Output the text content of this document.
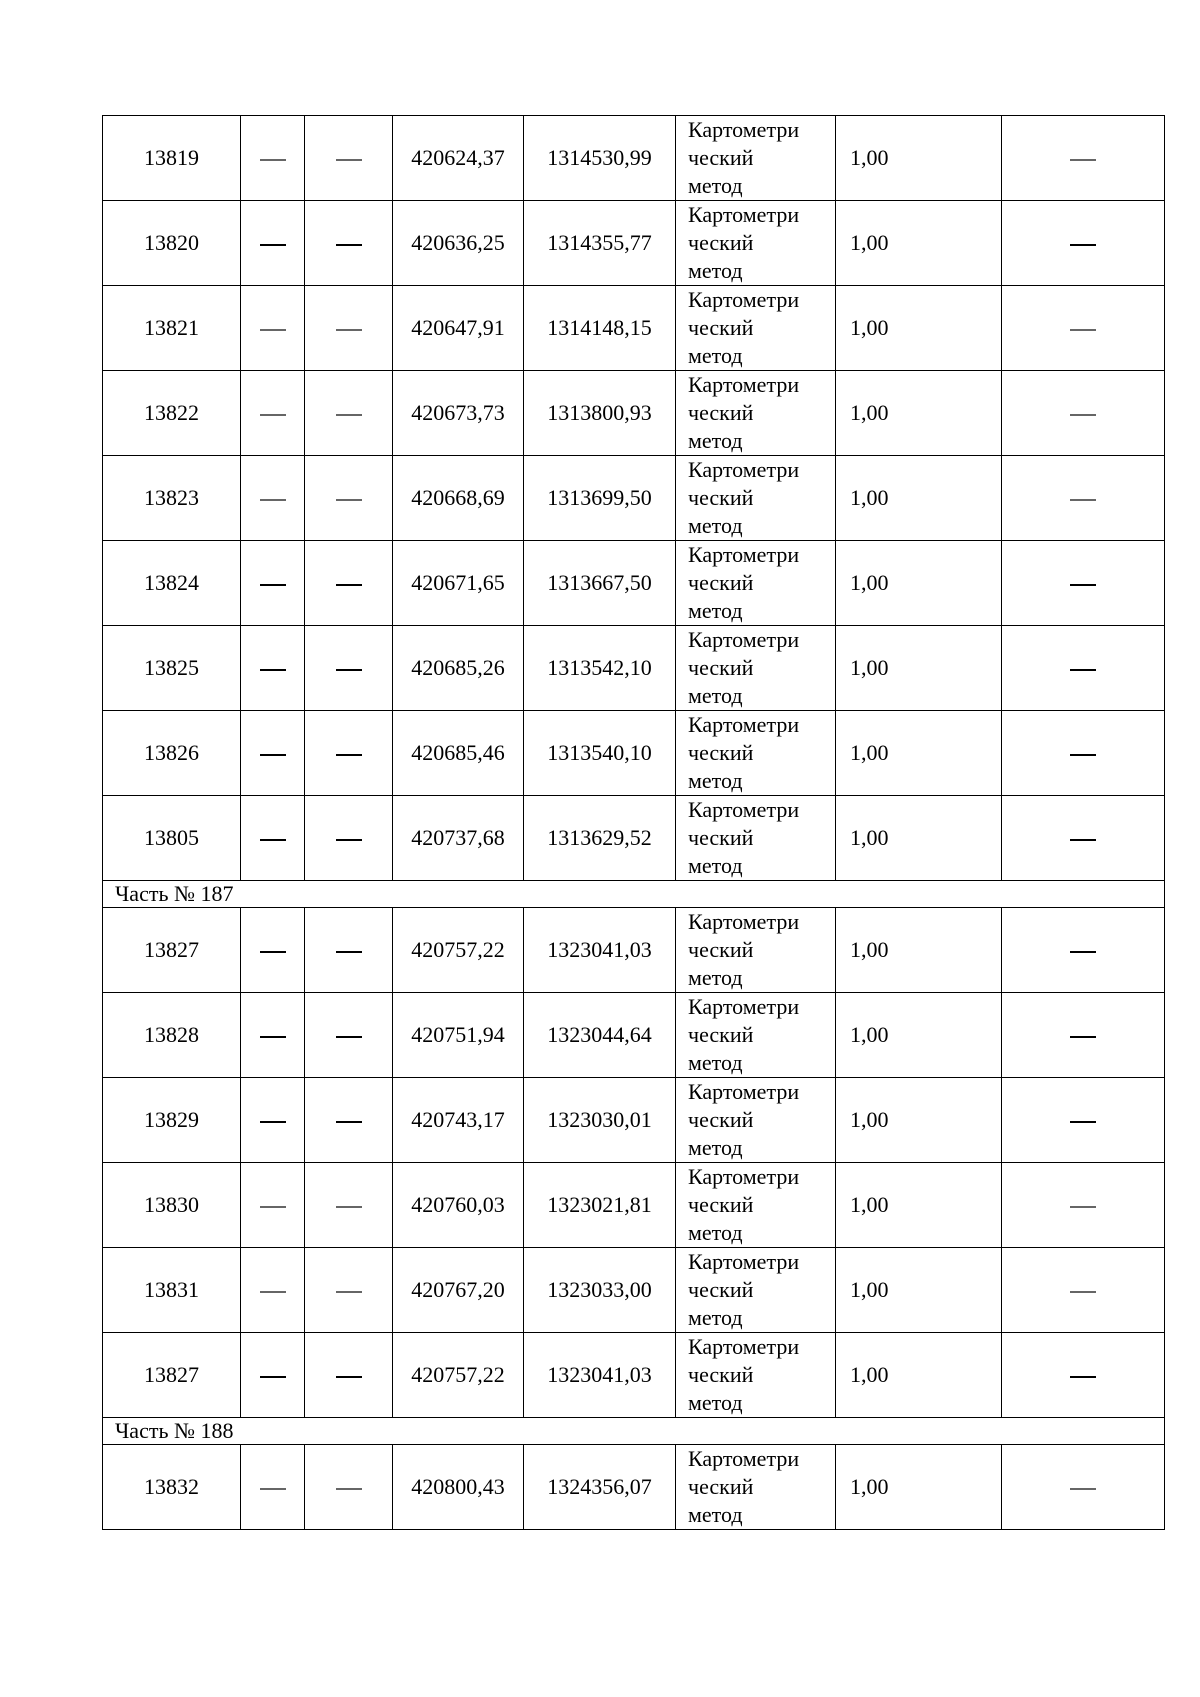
13819			420624,37	1314530,99	Картометри
ческий
метод	1,00	
13820			420636,25	1314355,77	Картометри
ческий
метод	1,00	
13821			420647,91	1314148,15	Картометри
ческий
метод	1,00	
13822			420673,73	1313800,93	Картометри
ческий
метод	1,00	
13823			420668,69	1313699,50	Картометри
ческий
метод	1,00	
13824			420671,65	1313667,50	Картометри
ческий
метод	1,00	
13825			420685,26	1313542,10	Картометри
ческий
метод	1,00	
13826			420685,46	1313540,10	Картометри
ческий
метод	1,00	
13805			420737,68	1313629,52	Картометри
ческий
метод	1,00	
Часть № 187							
13827			420757,22	1323041,03	Картометри
ческий
метод	1,00	
13828			420751,94	1323044,64	Картометри
ческий
метод	1,00	
13829			420743,17	1323030,01	Картометри
ческий
метод	1,00	
13830			420760,03	1323021,81	Картометри
ческий
метод	1,00	
13831			420767,20	1323033,00	Картометри
ческий
метод	1,00	
13827			420757,22	1323041,03	Картометри
ческий
метод	1,00	
Часть № 188							
13832			420800,43	1324356,07	Картометри
ческий
метод	1,00	
